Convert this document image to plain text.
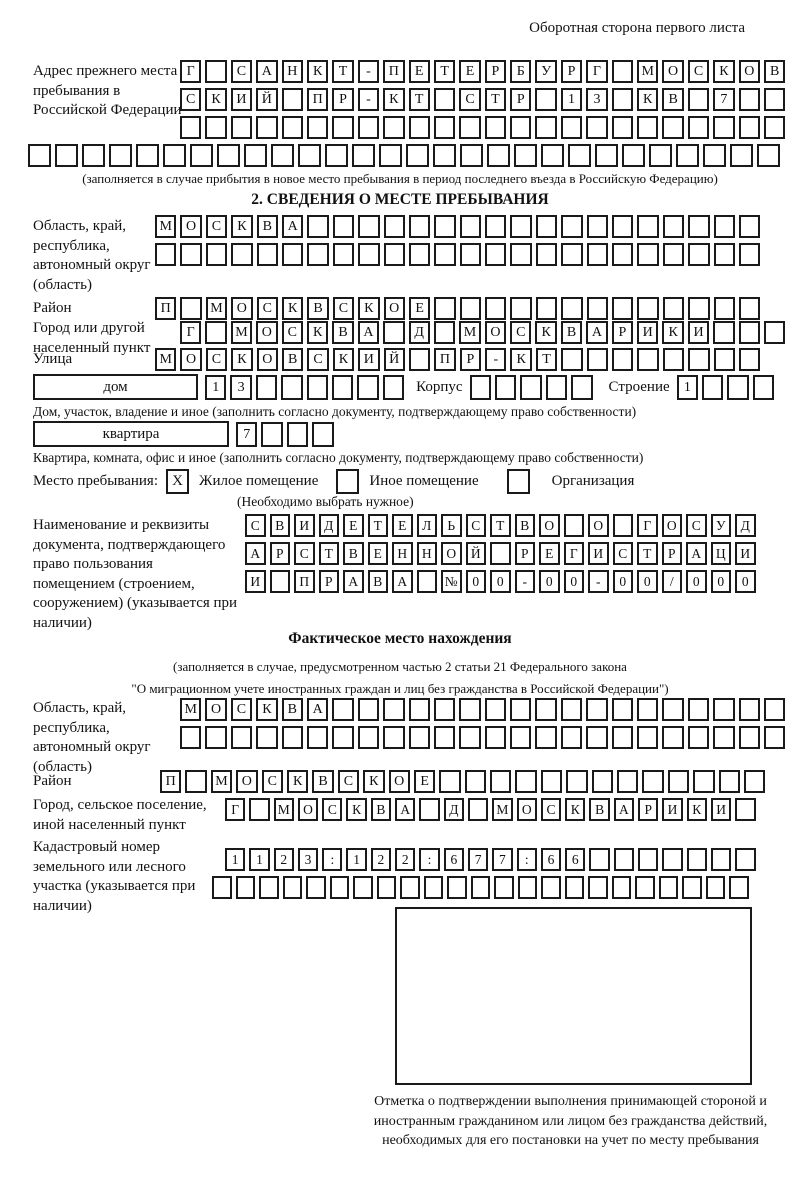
Оборотная сторона первого листа
Адрес прежнего места пребывания в Российской Федерации
Г	С	А	Н	К	Т	-	П	Е	Т	Е	Р	Б	У	Р	Г	М	О	С	К	О	В
С	К	И	Й	П	Р	-	К	Т	С	Т	Р	1	3	К	В	7
(заполняется в случае прибытия в новое место пребывания в период последнего въезда в Российскую Федерацию)
2. СВЕДЕНИЯ О МЕСТЕ ПРЕБЫВАНИЯ
Область, край, республика, автономный округ (область)
М	О	С	К	В	А
Район	П	М	О	С	К	В	С	К	О	Е
Город или другой населенный пункт
Г	М	О	С	К	В	А	Д	М	О	С	К	В	А	Р	И	К	И
Улица	М	О	С	К	О	В	С	К	И	Й	П	Р	-	К	Т
дом	1	3	Корпус	Строение	1
Дом, участок, владение и иное (заполнить согласно документу, подтверждающему право собственности)
квартира	7
Квартира, комната, офис и иное (заполнить согласно документу, подтверждающему право собственности)
Место пребывания: X	Жилое помещение	Иное помещение	Организация
(Необходимо выбрать нужное)
Наименование и реквизиты документа, подтверждающего право пользования помещением (строением, сооружением) (указывается при наличии)
С	В	И	Д	Е	Т	Е	Л	Ь	С	Т	В	О	О	Г	О	С	У	Д
А	Р	С	Т	В	Е	Н	Н	О	Й	Р	Е	Г	И	С	Т	Р	А	Ц	И
И	П	Р	А	В	А	№	0	0	-	0	0	-	0	0	/	0	0	0
Фактическое место нахождения
(заполняется в случае, предусмотренном частью 2 статьи 21 Федерального закона
"О миграционном учете иностранных граждан и лиц без гражданства в Российской Федерации")
Область, край, республика, автономный округ (область)
М	О	С	К	В	А
Район	П	М	О	С	К	В	С	К	О	Е
Город, сельское поселение, иной населенный пункт
Г	М О	С	К	В	А	Д	М О	С	К	В	А	Р	И	К	И
Кадастровый номер земельного или лесного участка (указывается при наличии)
1	1	2	3	:	1	2	2	:	6	7	7	:	6	6
Отметка о подтверждении выполнения принимающей стороной и иностранным гражданином или лицом без гражданства действий, необходимых для его постановки на учет по месту пребывания
